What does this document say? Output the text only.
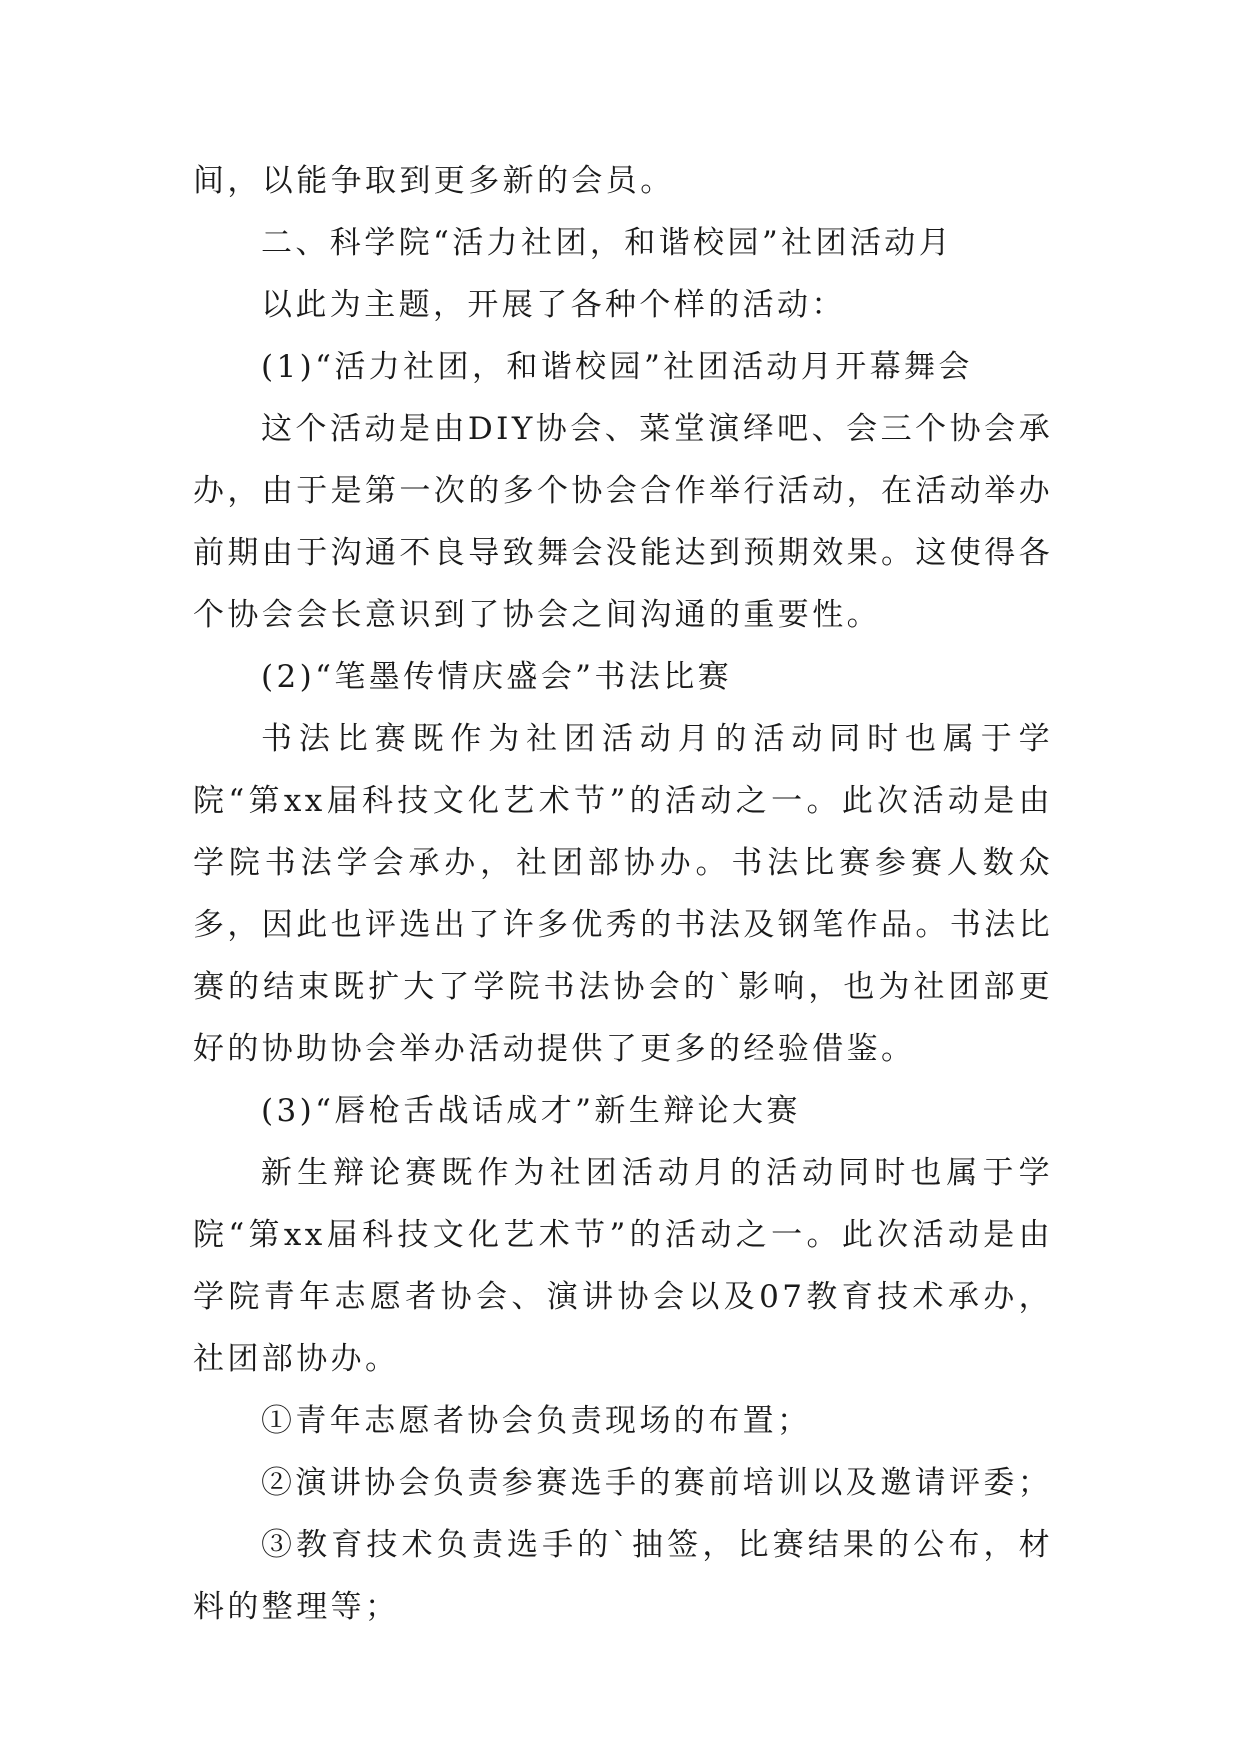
间，以能争取到更多新的会员。

二、科学院“活力社团，和谐校园”社团活动月

以此为主题，开展了各种个样的活动：

(1)“活力社团，和谐校园”社团活动月开幕舞会

这个活动是由DIY协会、菜堂演绎吧、会三个协会承办，由于是第一次的多个协会合作举行活动，在活动举办前期由于沟通不良导致舞会没能达到预期效果。这使得各个协会会长意识到了协会之间沟通的重要性。

(2)“笔墨传情庆盛会”书法比赛

书法比赛既作为社团活动月的活动同时也属于学院“第xx届科技文化艺术节”的活动之一。此次活动是由学院书法学会承办，社团部协办。书法比赛参赛人数众多，因此也评选出了许多优秀的书法及钢笔作品。书法比赛的结束既扩大了学院书法协会的`影响，也为社团部更好的协助协会举办活动提供了更多的经验借鉴。

(3)“唇枪舌战话成才”新生辩论大赛

新生辩论赛既作为社团活动月的活动同时也属于学院“第xx届科技文化艺术节”的活动之一。此次活动是由学院青年志愿者协会、演讲协会以及07教育技术承办，社团部协办。

①青年志愿者协会负责现场的布置；

②演讲协会负责参赛选手的赛前培训以及邀请评委；

③教育技术负责选手的`抽签，比赛结果的公布，材料的整理等；
